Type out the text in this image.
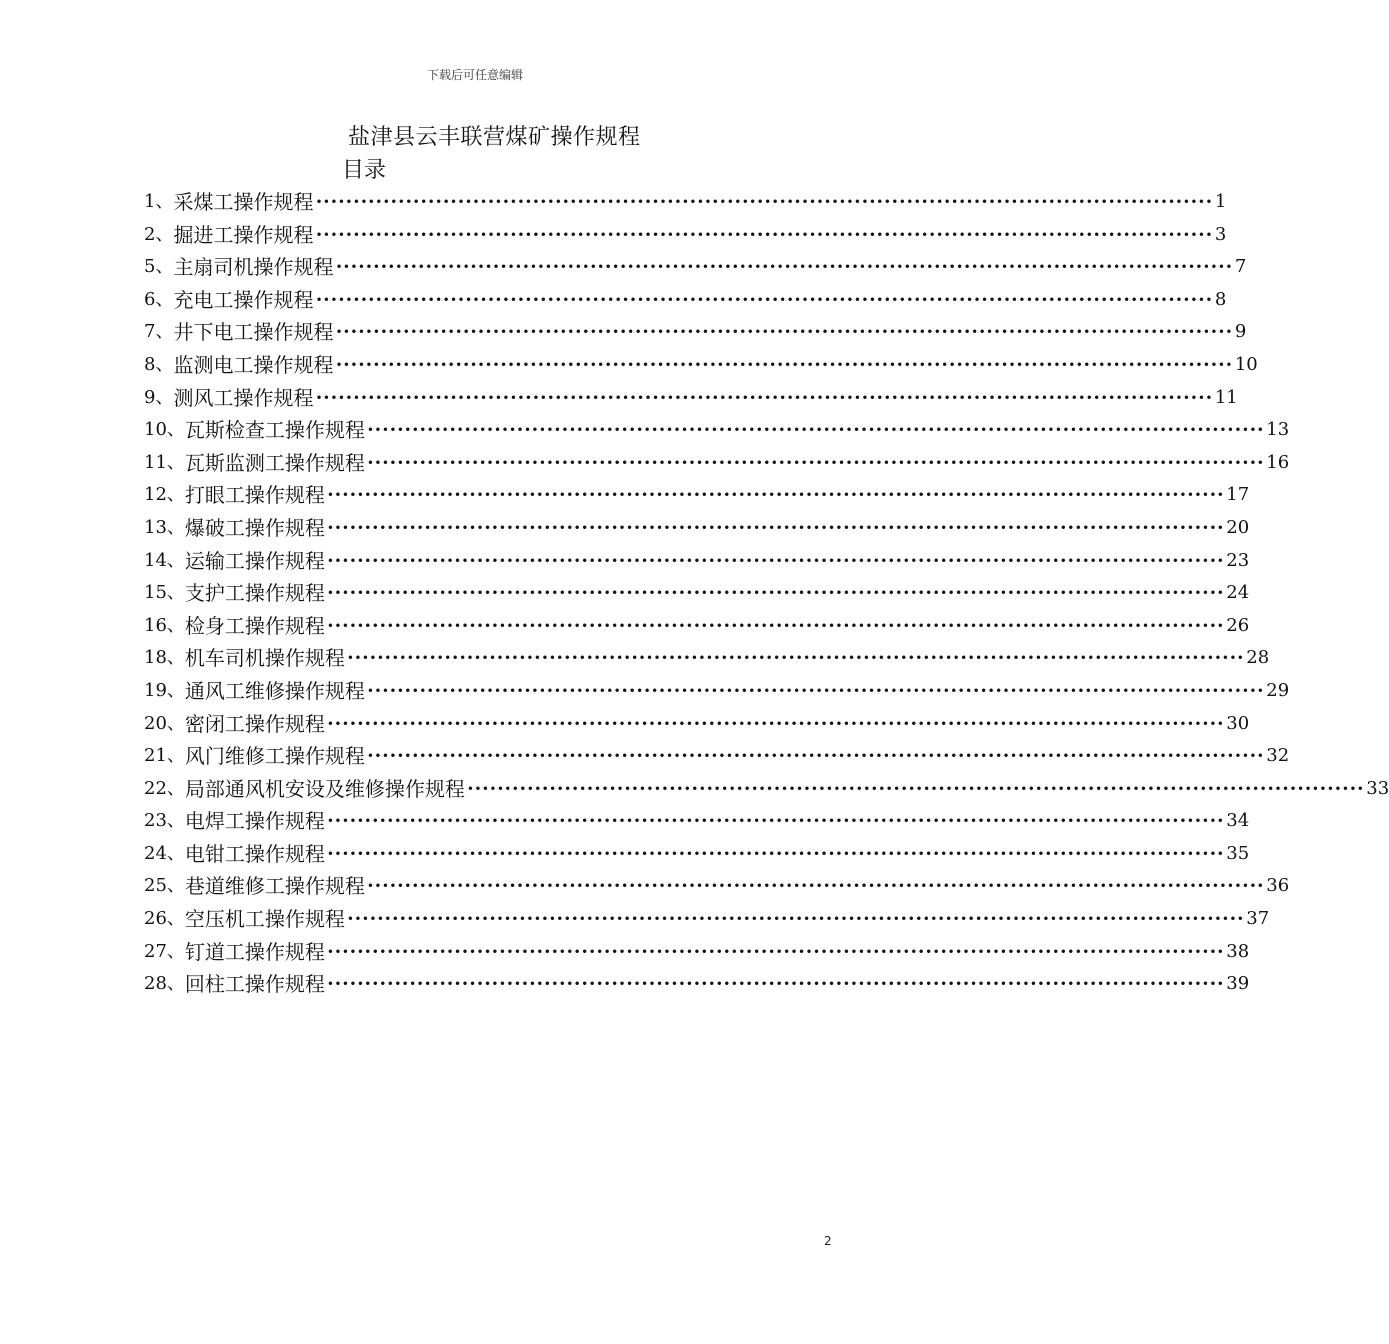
下载后可任意编辑
盐津县云丰联营煤矿操作规程
目录
1、 采煤工操作规程 •••••••••••••••••••••••••••••••••••••••••••••••••••••••••••••••••••••••••••••••••••••••••••••••••••••••••••••••••••••••• 1
2、 掘进工操作规程 •••••••••••••••••••••••••••••••••••••••••••••••••••••••••••••••••••••••••••••••••••••••••••••••••••••••••••••••••••••••• 3
5、 主扇司机操作规程 •••••••••••••••••••••••••••••••••••••••••••••••••••••••••••••••••••••••••••••••••••••••••••••••••••••••••••••••••••••••• 7
6、 充电工操作规程 •••••••••••••••••••••••••••••••••••••••••••••••••••••••••••••••••••••••••••••••••••••••••••••••••••••••••••••••••••••••• 8
7、 井下电工操作规程 •••••••••••••••••••••••••••••••••••••••••••••••••••••••••••••••••••••••••••••••••••••••••••••••••••••••••••••••••••••••• 9
8、 监测电工操作规程 •••••••••••••••••••••••••••••••••••••••••••••••••••••••••••••••••••••••••••••••••••••••••••••••••••••••••••••••••••••••• 10
9、 测风工操作规程 •••••••••••••••••••••••••••••••••••••••••••••••••••••••••••••••••••••••••••••••••••••••••••••••••••••••••••••••••••••••• 11
10、 瓦斯检查工操作规程 •••••••••••••••••••••••••••••••••••••••••••••••••••••••••••••••••••••••••••••••••••••••••••••••••••••••••••••••••••••••• 13
11、 瓦斯监测工操作规程 •••••••••••••••••••••••••••••••••••••••••••••••••••••••••••••••••••••••••••••••••••••••••••••••••••••••••••••••••••••••• 16
12、 打眼工操作规程 •••••••••••••••••••••••••••••••••••••••••••••••••••••••••••••••••••••••••••••••••••••••••••••••••••••••••••••••••••••••• 17
13、 爆破工操作规程 •••••••••••••••••••••••••••••••••••••••••••••••••••••••••••••••••••••••••••••••••••••••••••••••••••••••••••••••••••••••• 20
14、 运输工操作规程 •••••••••••••••••••••••••••••••••••••••••••••••••••••••••••••••••••••••••••••••••••••••••••••••••••••••••••••••••••••••• 23
15、 支护工操作规程 •••••••••••••••••••••••••••••••••••••••••••••••••••••••••••••••••••••••••••••••••••••••••••••••••••••••••••••••••••••••• 24
16、 检身工操作规程 •••••••••••••••••••••••••••••••••••••••••••••••••••••••••••••••••••••••••••••••••••••••••••••••••••••••••••••••••••••••• 26
18、 机车司机操作规程 •••••••••••••••••••••••••••••••••••••••••••••••••••••••••••••••••••••••••••••••••••••••••••••••••••••••••••••••••••••••• 28
19、 通风工维修操作规程 •••••••••••••••••••••••••••••••••••••••••••••••••••••••••••••••••••••••••••••••••••••••••••••••••••••••••••••••••••••••• 29
20、 密闭工操作规程 •••••••••••••••••••••••••••••••••••••••••••••••••••••••••••••••••••••••••••••••••••••••••••••••••••••••••••••••••••••••• 30
21、 风门维修工操作规程 •••••••••••••••••••••••••••••••••••••••••••••••••••••••••••••••••••••••••••••••••••••••••••••••••••••••••••••••••••••••• 32
22、 局部通风机安设及维修操作规程 •••••••••••••••••••••••••••••••••••••••••••••••••••••••••••••••••••••••••••••••••••••••••••••••••••••••••••••••••••••••• 33
23、 电焊工操作规程 •••••••••••••••••••••••••••••••••••••••••••••••••••••••••••••••••••••••••••••••••••••••••••••••••••••••••••••••••••••••• 34
24、 电钳工操作规程 •••••••••••••••••••••••••••••••••••••••••••••••••••••••••••••••••••••••••••••••••••••••••••••••••••••••••••••••••••••••• 35
25、 巷道维修工操作规程 •••••••••••••••••••••••••••••••••••••••••••••••••••••••••••••••••••••••••••••••••••••••••••••••••••••••••••••••••••••••• 36
26、 空压机工操作规程 •••••••••••••••••••••••••••••••••••••••••••••••••••••••••••••••••••••••••••••••••••••••••••••••••••••••••••••••••••••••• 37
27、 钉道工操作规程 •••••••••••••••••••••••••••••••••••••••••••••••••••••••••••••••••••••••••••••••••••••••••••••••••••••••••••••••••••••••• 38
28、 回柱工操作规程 •••••••••••••••••••••••••••••••••••••••••••••••••••••••••••••••••••••••••••••••••••••••••••••••••••••••••••••••••••••••• 39
2
